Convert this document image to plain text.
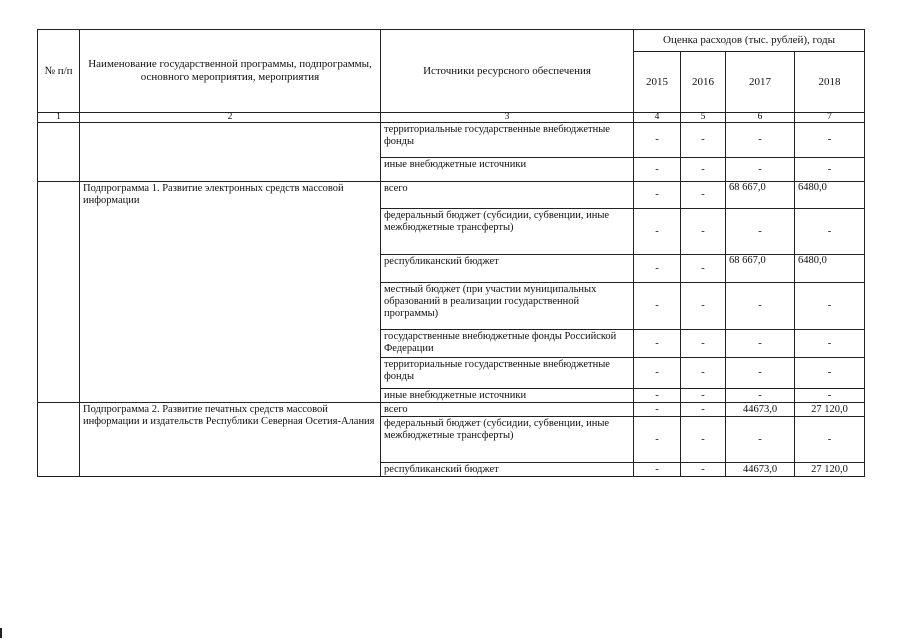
№ п/п	Наименование государственной программы, подпрограммы, основного мероприятия, мероприятия	Источники ресурсного обеспечения	Оценка расходов (тыс. рублей), годы			
			2015	2016	2017	2018
1	2	3	4	5	6	7
		территориальные государственные внебюджетные фонды	-	-	-	-
		иные внебюджетные источники	-	-	-	-
	Подпрограмма 1. Развитие электронных средств массовой информации	всего	-	-	68 667,0	6480,0
		федеральный бюджет (субсидии, субвенции, иные межбюджетные трансферты)	-	-	-	-
		республиканский бюджет	-	-	68 667,0	6480,0
		местный бюджет (при участии муниципальных образований в реализации государственной программы)	-	-	-	-
		государственные внебюджетные фонды Российской Федерации	-	-	-	-
		территориальные государственные внебюджетные фонды	-	-	-	-
		иные внебюджетные источники	-	-	-	-
	Подпрограмма 2. Развитие печатных средств массовой информации и издательств Республики Северная Осетия-Алания	всего	-	-	44673,0	27 120,0
		федеральный бюджет (субсидии, субвенции, иные межбюджетные трансферты)	-	-	-	-
		республиканский бюджет	-	-	44673,0	27 120,0
